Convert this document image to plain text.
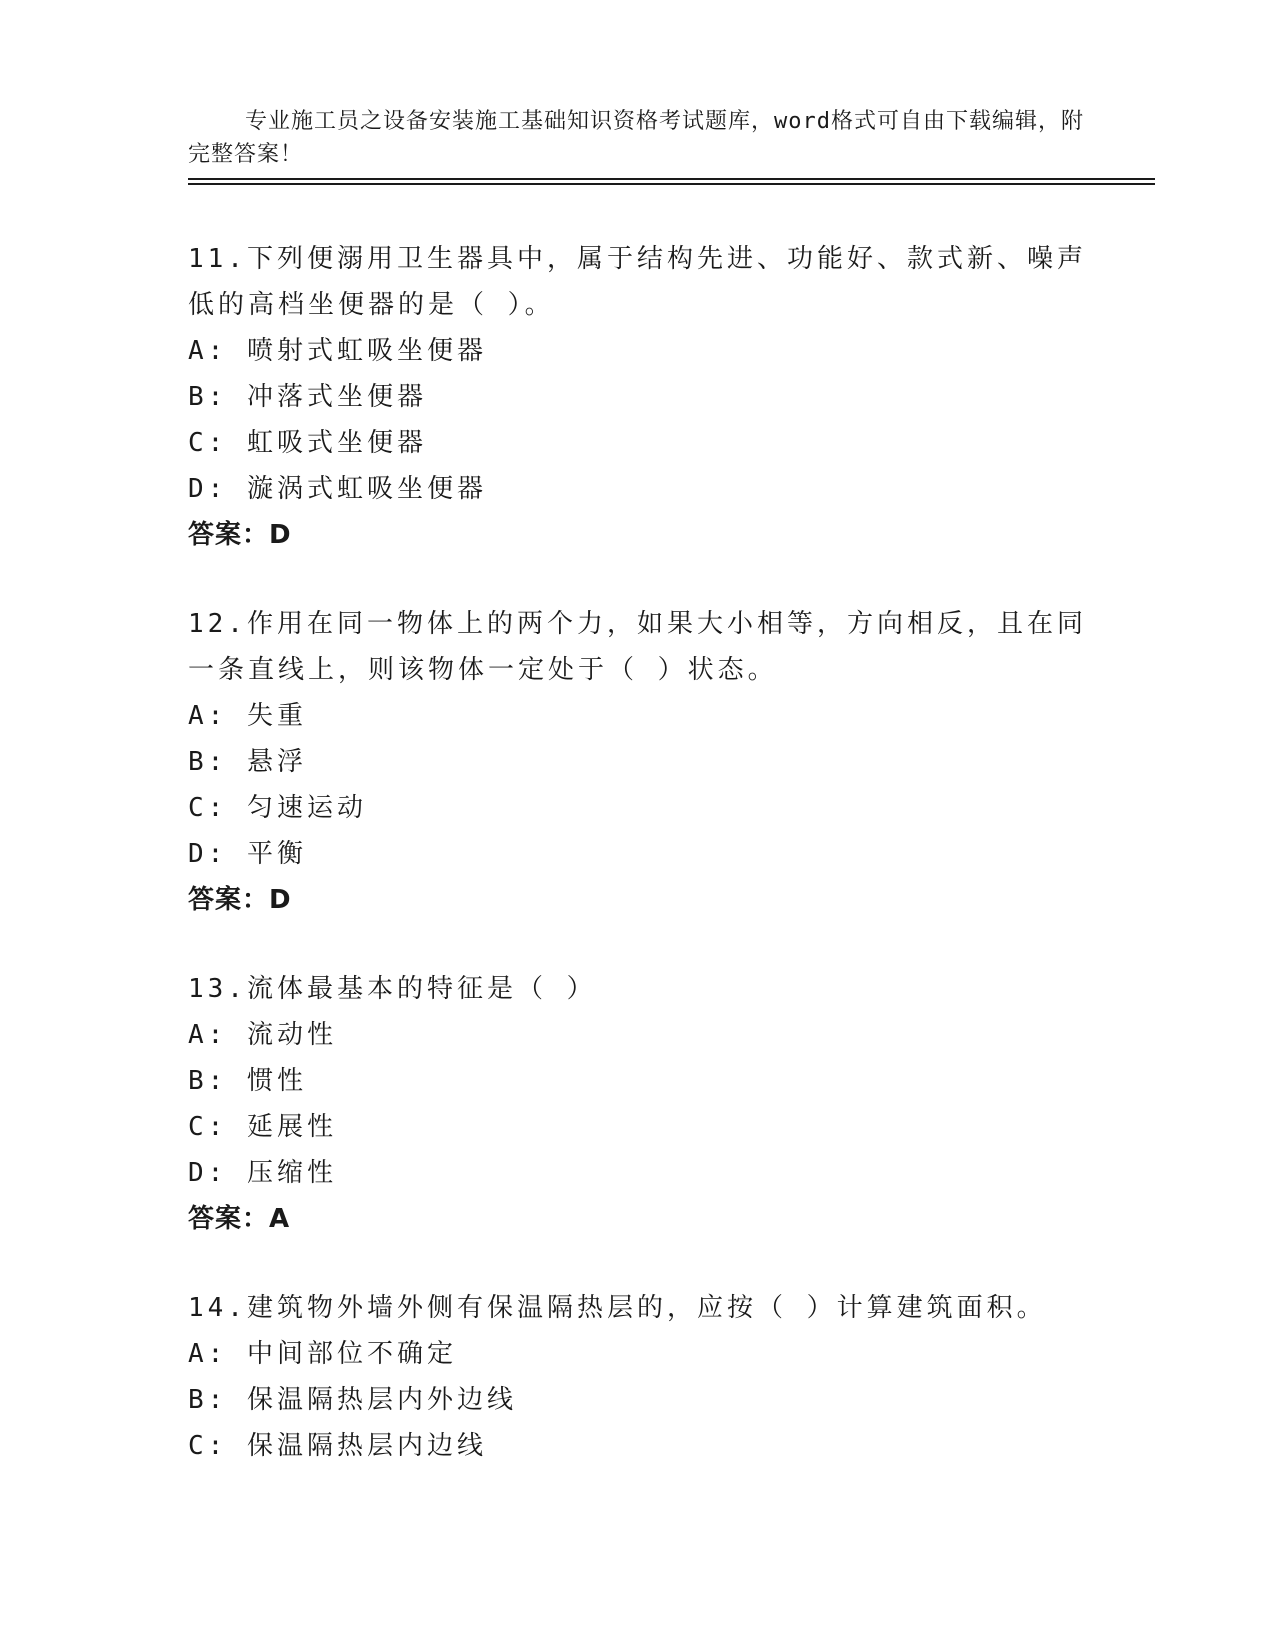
专业施工员之设备安装施工基础知识资格考试题库，word格式可自由下载编辑，附完整答案！

11.下列便溺用卫生器具中，属于结构先进、功能好、款式新、噪声低的高档坐便器的是（ ）。
A: 喷射式虹吸坐便器
B: 冲落式坐便器
C: 虹吸式坐便器
D: 漩涡式虹吸坐便器
答案：D
12.作用在同一物体上的两个力，如果大小相等，方向相反，且在同一条直线上，则该物体一定处于（ ）状态。
A: 失重
B: 悬浮
C: 匀速运动
D: 平衡
答案：D
13.流体最基本的特征是（ ）
A: 流动性
B: 惯性
C: 延展性
D: 压缩性
答案：A
14.建筑物外墙外侧有保温隔热层的，应按（ ）计算建筑面积。
A: 中间部位不确定
B: 保温隔热层内外边线
C: 保温隔热层内边线
